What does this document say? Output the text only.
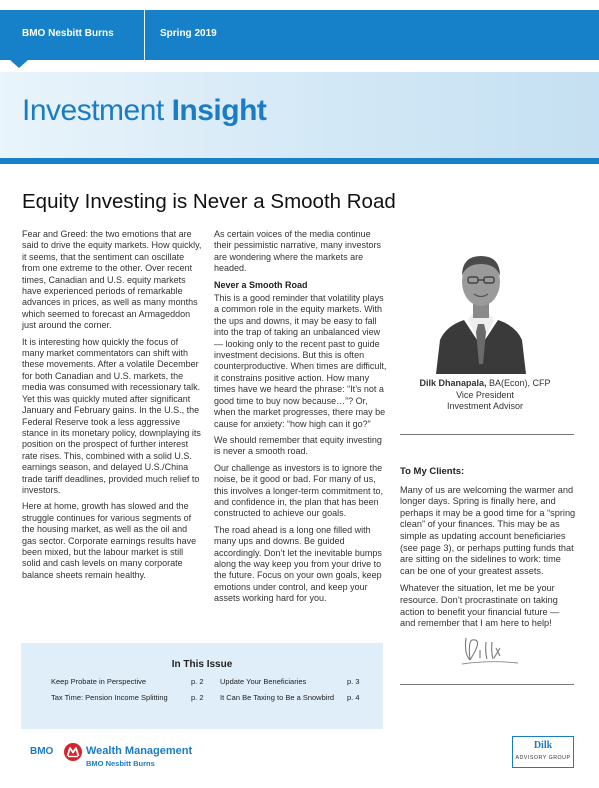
BMO Nesbitt Burns	Spring 2019
Investment Insight
Equity Investing is Never a Smooth Road

Fear and Greed: the two emotions that are said to drive the equity markets. How quickly, it seems, that the sentiment can oscillate from one extreme to the other. Over recent times, Canadian and U.S. equity markets have experienced periods of remarkable advances in prices, as well as many months which seemed to forecast an Armageddon just around the corner.

It is interesting how quickly the focus of many market commentators can shift with these movements. After a volatile December for both Canadian and U.S. markets, the media was consumed with recessionary talk. Yet this was quickly muted after significant January and February gains. In the U.S., the Federal Reserve took a less aggressive stance in its monetary policy, downplaying its position on the prospect of further interest rate rises. This, combined with a solid U.S. earnings season, and delayed U.S./China trade tariff deadlines, provided much relief to investors.

Here at home, growth has slowed and the struggle continues for various segments of the housing market, as well as the oil and gas sector. Corporate earnings results have been mixed, but the labour market is still solid and cash levels on many corporate balance sheets remain healthy.

As certain voices of the media continue their pessimistic narrative, many investors are wondering where the markets are headed.

Never a Smooth Road

This is a good reminder that volatility plays a common role in the equity markets. With the ups and downs, it may be easy to fall into the trap of taking an unbalanced view — looking only to the recent past to guide investment decisions. But this is often counterproductive. When times are difficult, it constrains positive action. How many times have we heard the phrase: “It’s not a good time to buy now because…”? Or, when the market progresses, there may be cause for anxiety: “how high can it go?”

We should remember that equity investing is never a smooth road.

Our challenge as investors is to ignore the noise, be it good or bad. For many of us, this involves a longer-term commitment to, and confidence in, the plan that has been constructed to achieve our goals.

The road ahead is a long one filled with many ups and downs. Be guided accordingly. Don’t let the inevitable bumps along the way keep you from your drive to the future. Focus on your own goals, keep emotions under control, and keep your assets working hard for you.

Dilk Dhanapala, BA(Econ), CFP
Vice President
Investment Advisor
To My Clients:

Many of us are welcoming the warmer and longer days. Spring is finally here, and perhaps it may be a good time for a “spring clean” of your finances. This may be as simple as updating account beneficiaries (see page 3), or perhaps putting funds that are sitting on the sidelines to work: time can be one of your greatest assets.

Whatever the situation, let me be your resource. Don’t procrastinate on taking action to benefit your financial future — and remember that I am here to help!

In This Issue
Keep Probate in Perspective	p. 2 Update Your Beneficiaries	p. 3
Tax Time: Pension Income Splitting	p. 2 It Can Be Taxing to Be a Snowbird p. 4
BMO	Wealth Management
BMO Nesbitt Burns
Dilk
ADVISORY GROUP
